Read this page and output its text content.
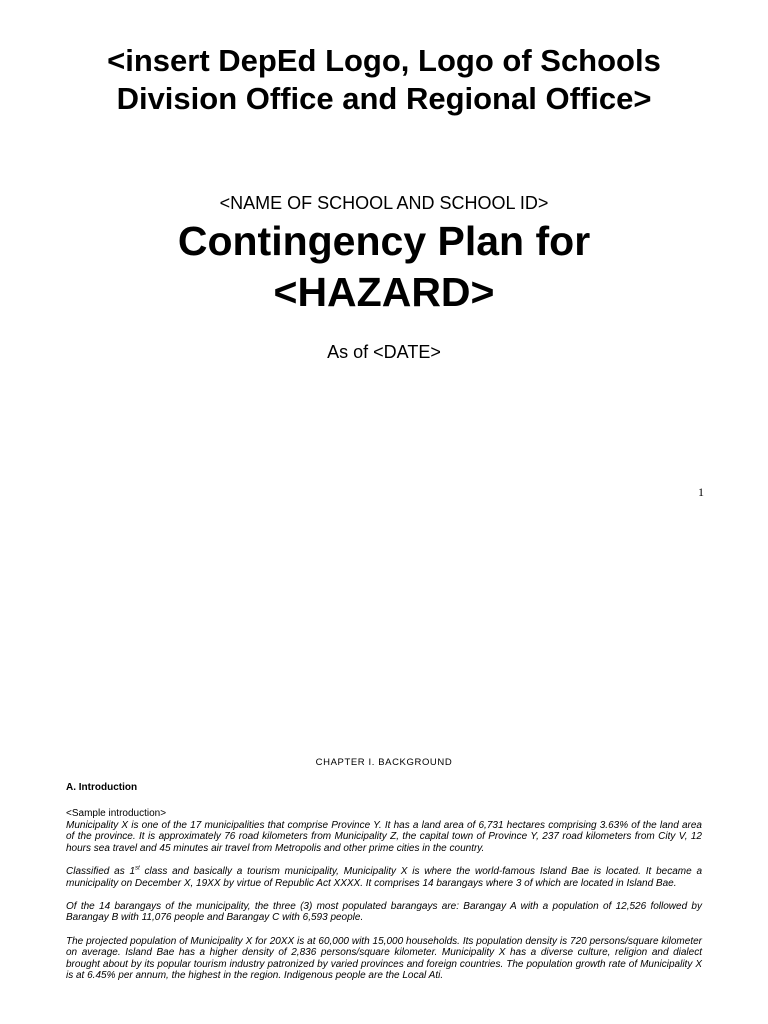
<insert DepEd Logo, Logo of Schools
Division Office and Regional Office>
<NAME OF SCHOOL AND SCHOOL ID>
Contingency Plan for
<HAZARD>
As of <DATE>
1
CHAPTER I. BACKGROUND
A. Introduction

<Sample introduction>
Municipality X is one of the 17 municipalities that comprise Province Y. It has a land area of 6,731 hectares comprising 3.63% of the land area of the province. It is approximately 76 road kilometers from Municipality Z, the capital town of Province Y, 237 road kilometers from City V, 12 hours sea travel and 45 minutes air travel from Metropolis and other prime cities in the country.

Classified as 1st class and basically a tourism municipality, Municipality X is where the world-famous Island Bae is located. It became a municipality on December X, 19XX by virtue of Republic Act XXXX. It comprises 14 barangays where 3 of which are located in Island Bae.

Of the 14 barangays of the municipality, the three (3) most populated barangays are: Barangay A with a population of 12,526 followed by Barangay B with 11,076 people and Barangay C with 6,593 people.

The projected population of Municipality X for 20XX is at 60,000 with 15,000 households. Its population density is 720 persons/square kilometer on average. Island Bae has a higher density of 2,836 persons/square kilometer. Municipality X has a diverse culture, religion and dialect brought about by its popular tourism industry patronized by varied provinces and foreign countries. The population growth rate of Municipality X is at 6.45% per annum, the highest in the region. Indigenous people are the Local Ati.
